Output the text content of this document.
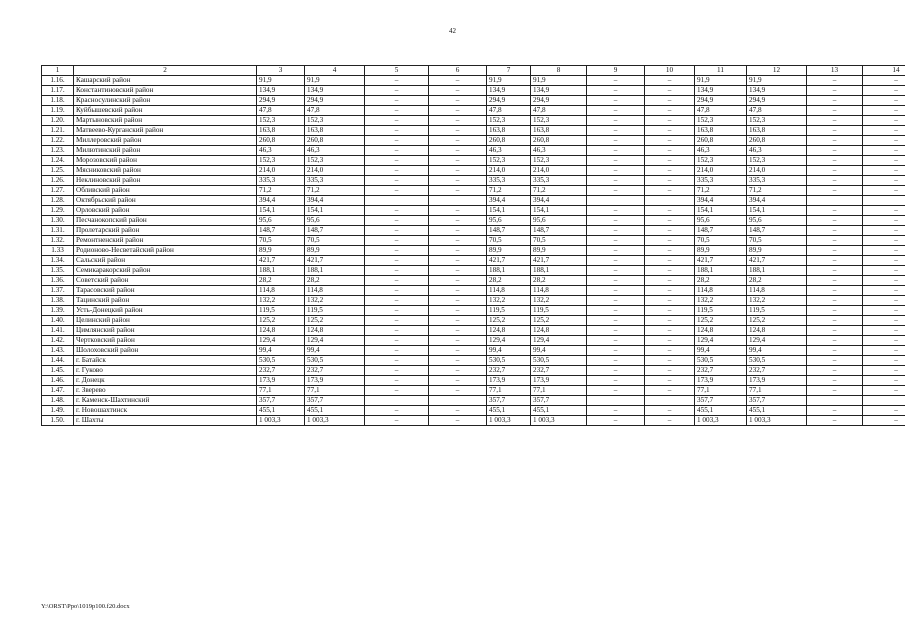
42
1	2	3	4	5	6	7	8	9	10	11	12	13	14
1.16.	Кашарский район	91,9	91,9	–	–	91,9	91,9	–	–	91,9	91,9	–	–
1.17.	Константиновский район	134,9	134,9	–	–	134,9	134,9	–	–	134,9	134,9	–	–
1.18.	Красносулинский район	294,9	294,9	–	–	294,9	294,9	–	–	294,9	294,9	–	–
1.19.	Куйбышевский район	47,8	47,8	–	–	47,8	47,8	–	–	47,8	47,8	–	–
1.20.	Мартыновский район	152,3	152,3	–	–	152,3	152,3	–	–	152,3	152,3	–	–
1.21.	Матвеево-Курганский район	163,8	163,8	–	–	163,8	163,8	–	–	163,8	163,8	–	–
1.22.	Миллеровский район	260,8	260,8	–	–	260,8	260,8	–	–	260,8	260,8	–	–
1.23.	Милютинский район	46,3	46,3	–	–	46,3	46,3	–	–	46,3	46,3	–	–
1.24.	Морозовский район	152,3	152,3	–	–	152,3	152,3	–	–	152,3	152,3	–	–
1.25.	Мясниковский район	214,0	214,0	–	–	214,0	214,0	–	–	214,0	214,0	–	–
1.26.	Неклиновский район	335,3	335,3	–	–	335,3	335,3	–	–	335,3	335,3	–	–
1.27.	Обливский район	71,2	71,2	–	–	71,2	71,2	–	–	71,2	71,2	–	–
1.28.	Октябрьский район	394,4	394,4			394,4	394,4			394,4	394,4		
1.29.	Орловский район	154,1	154,1	–	–	154,1	154,1	–	–	154,1	154,1	–	–
1.30.	Песчанокопский район	95,6	95,6	–	–	95,6	95,6	–	–	95,6	95,6	–	–
1.31.	Пролетарский район	148,7	148,7	–	–	148,7	148,7	–	–	148,7	148,7	–	–
1.32.	Ремонтненский район	70,5	70,5	–	–	70,5	70,5	–	–	70,5	70,5	–	–
1.33	Родионово-Несветайский район	89,9	89,9	–	–	89,9	89,9	–	–	89,9	89,9	–	–
1.34.	Сальский район	421,7	421,7	–	–	421,7	421,7	–	–	421,7	421,7	–	–
1.35.	Семикаракорский район	188,1	188,1	–	–	188,1	188,1	–	–	188,1	188,1	–	–
1.36.	Советский район	28,2	28,2	–	–	28,2	28,2	–	–	28,2	28,2	–	–
1.37.	Тарасовский район	114,8	114,8	–	–	114,8	114,8	–	–	114,8	114,8	–	–
1.38.	Тацинский район	132,2	132,2	–	–	132,2	132,2	–	–	132,2	132,2	–	–
1.39.	Усть-Донецкий район	119,5	119,5	–	–	119,5	119,5	–	–	119,5	119,5	–	–
1.40.	Целинский район	125,2	125,2	–	–	125,2	125,2	–	–	125,2	125,2	–	–
1.41.	Цимлянский район	124,8	124,8	–	–	124,8	124,8	–	–	124,8	124,8	–	–
1.42.	Чертковский район	129,4	129,4	–	–	129,4	129,4	–	–	129,4	129,4	–	–
1.43.	Шолоховский район	99,4	99,4	–	–	99,4	99,4	–	–	99,4	99,4	–	–
1.44.	г. Батайск	530,5	530,5	–	–	530,5	530,5	–	–	530,5	530,5	–	–
1.45.	г. Гуково	232,7	232,7	–	–	232,7	232,7	–	–	232,7	232,7	–	–
1.46.	г. Донецк	173,9	173,9	–	–	173,9	173,9	–	–	173,9	173,9	–	–
1.47.	г. Зверево	77,1	77,1	–	–	77,1	77,1	–	–	77,1	77,1	–	–
1.48.	г. Каменск-Шахтинский	357,7	357,7			357,7	357,7			357,7	357,7		
1.49.	г. Новошахтинск	455,1	455,1	–	–	455,1	455,1	–	–	455,1	455,1	–	–
1.50.	г. Шахты	1 003,3	1 003,3	–	–	1 003,3	1 003,3	–	–	1 003,3	1 003,3	–	–
Y:\ORST\Ppo\1019p100.f20.docx
